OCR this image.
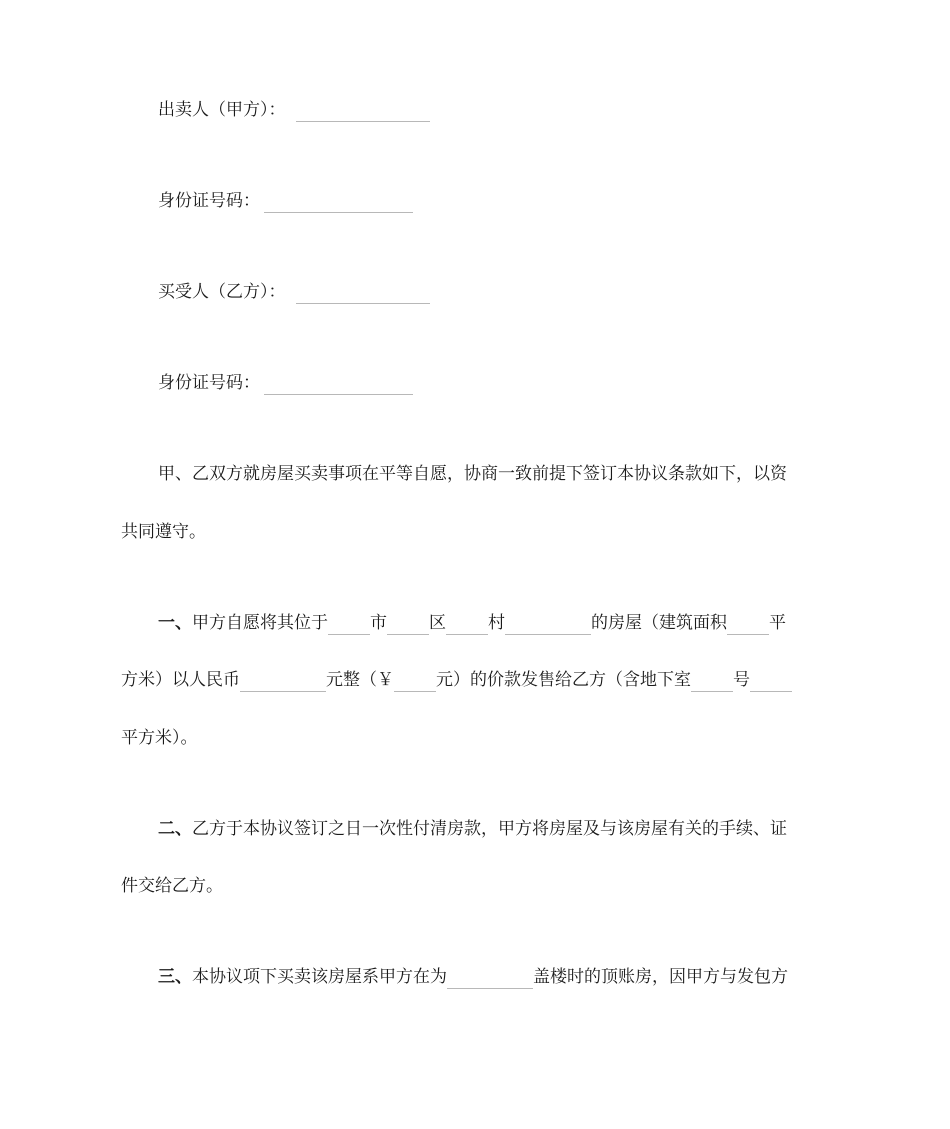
出卖人（甲方）：
身份证号码：
买受人（乙方）：
身份证号码：
甲、乙双方就房屋买卖事项在平等自愿，协商一致前提下签订本协议条款如下，以资
共同遵守。
一、甲方自愿将其位于 市 区 村	的房屋（建筑面积 平
方米）以人民币	元整（￥ 元）的价款发售给乙方（含地下室 号
平方米）。
二、乙方于本协议签订之日一次性付清房款，甲方将房屋及与该房屋有关的手续、证
件交给乙方。
三、本协议项下买卖该房屋系甲方在为	盖楼时的顶账房，因甲方与发包方
